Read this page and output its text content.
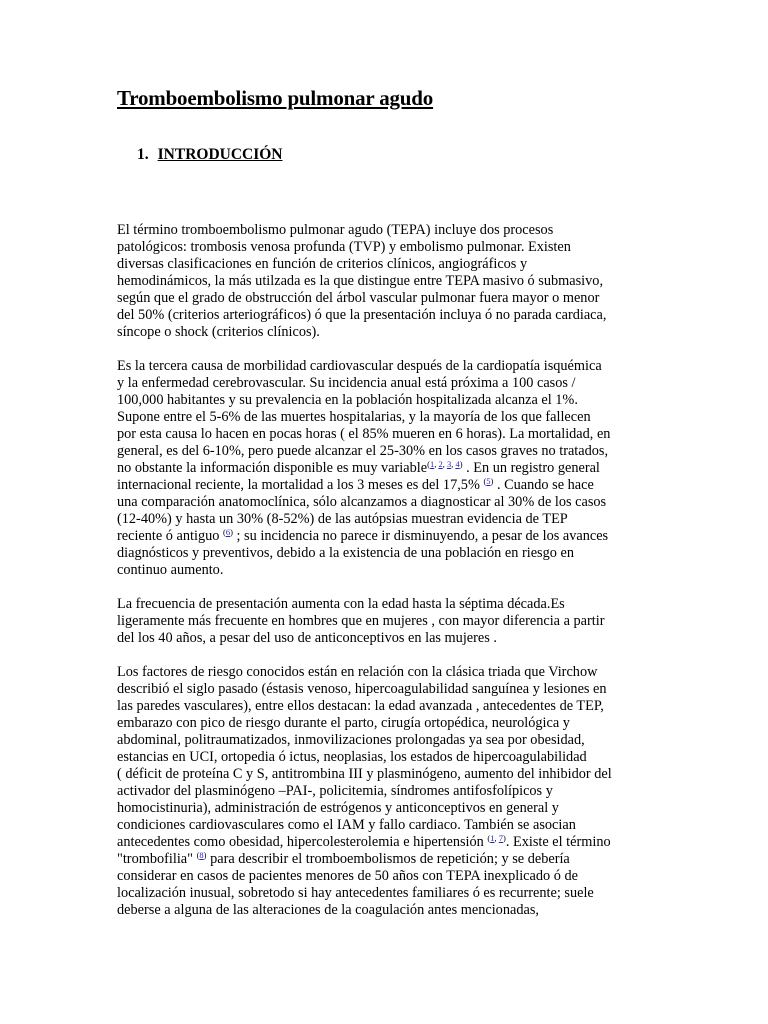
Tromboembolismo pulmonar agudo
1. INTRODUCCIÓN

El término tromboembolismo pulmonar agudo (TEPA) incluye dos procesos
patológicos: trombosis venosa profunda (TVP) y embolismo pulmonar. Existen
diversas clasificaciones en función de criterios clínicos, angiográficos y
hemodinámicos, la más utilzada es la que distingue entre TEPA masivo ó submasivo,
según que el grado de obstrucción del árbol vascular pulmonar fuera mayor o menor
del 50% (criterios arteriográficos) ó que la presentación incluya ó no parada cardiaca,
síncope o shock (criterios clínicos).

Es la tercera causa de morbilidad cardiovascular después de la cardiopatía isquémica
y la enfermedad cerebrovascular. Su incidencia anual está próxima a 100 casos /
100,000 habitantes y su prevalencia en la población hospitalizada alcanza el 1%.
Supone entre el 5-6% de las muertes hospitalarias, y la mayoría de los que fallecen
por esta causa lo hacen en pocas horas ( el 85% mueren en 6 horas). La mortalidad, en
general, es del 6-10%, pero puede alcanzar el 25-30% en los casos graves no tratados,
no obstante la información disponible es muy variable$^{(1, 2, 3, 4)}$ . En un registro general
internacional reciente, la mortalidad a los 3 meses es del 17,5% $^{(5)}$ . Cuando se hace
una comparación anatomoclínica, sólo alcanzamos a diagnosticar al 30% de los casos
(12-40%) y hasta un 30% (8-52%) de las autópsias muestran evidencia de TEP
reciente ó antiguo $^{(6)}$ ; su incidencia no parece ir disminuyendo, a pesar de los avances
diagnósticos y preventivos, debido a la existencia de una población en riesgo en
continuo aumento.

La frecuencia de presentación aumenta con la edad hasta la séptima década.Es
ligeramente más frecuente en hombres que en mujeres , con mayor diferencia a partir
del los 40 años, a pesar del uso de anticonceptivos en las mujeres .

Los factores de riesgo conocidos están en relación con la clásica triada que Virchow
describió el siglo pasado (éstasis venoso, hipercoagulabilidad sanguínea y lesiones en
las paredes vasculares), entre ellos destacan: la edad avanzada , antecedentes de TEP,
embarazo con pico de riesgo durante el parto, cirugía ortopédica, neurológica y
abdominal, politraumatizados, inmovilizaciones prolongadas ya sea por obesidad,
estancias en UCI, ortopedia ó ictus, neoplasias, los estados de hipercoagulabilidad
( déficit de proteína C y S, antitrombina III y plasminógeno, aumento del inhibidor del
activador del plasminógeno –PAI-, policitemia, síndromes antifosfolípicos y
homocistinuria), administración de estrógenos y anticonceptivos en general y
condiciones cardiovasculares como el IAM y fallo cardiaco. También se asocian
antecedentes como obesidad, hipercolesterolemia e hipertensión $^{(1, 7)}$. Existe el término
"trombofilia" $^{(8)}$ para describir el tromboembolismos de repetición; y se debería
considerar en casos de pacientes menores de 50 años con TEPA inexplicado ó de
localización inusual, sobretodo si hay antecedentes familiares ó es recurrente; suele
deberse a alguna de las alteraciones de la coagulación antes mencionadas,
